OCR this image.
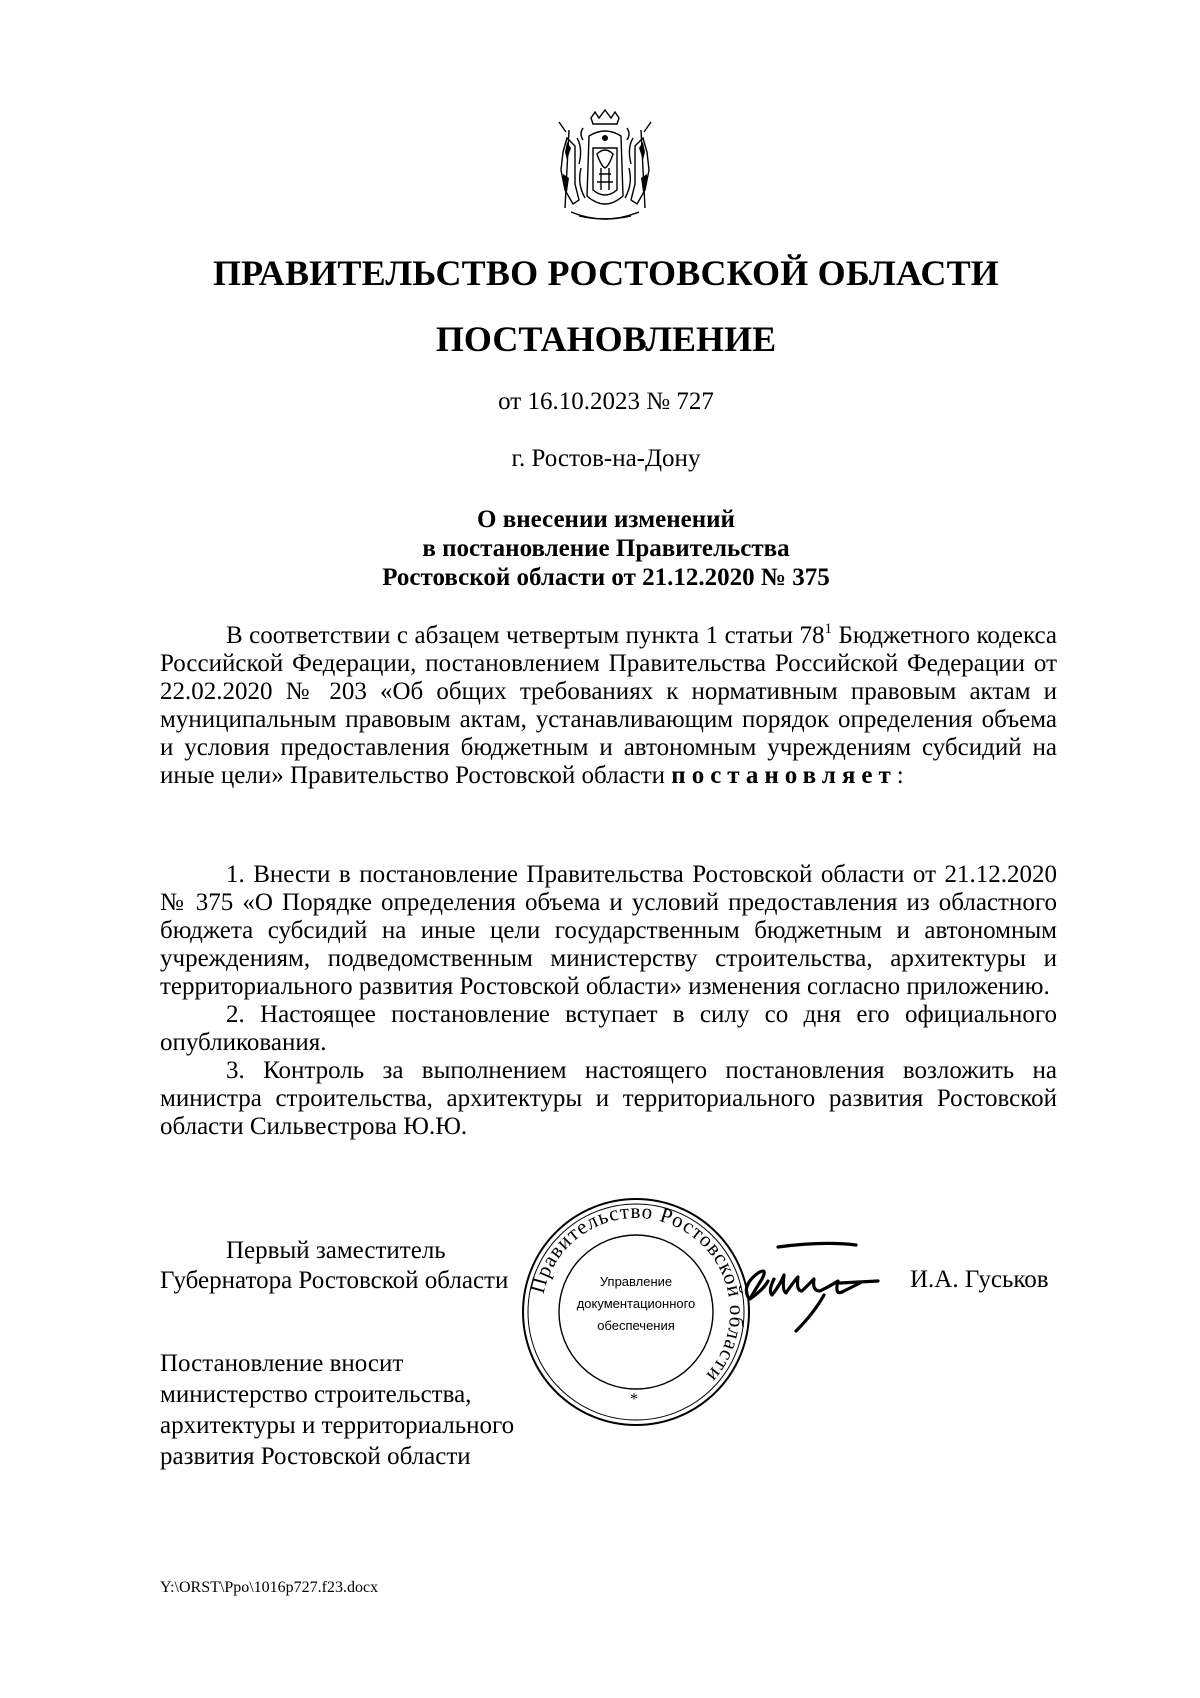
ПРАВИТЕЛЬСТВО РОСТОВСКОЙ ОБЛАСТИ
ПОСТАНОВЛЕНИЕ
от 16.10.2023 № 727
г. Ростов-на-Дону
О внесении изменений
в постановление Правительства
Ростовской области от 21.12.2020 № 375

В соответствии с абзацем четвертым пункта 1 статьи $78^1$ Бюджетного кодекса Российской Федерации, постановлением Правительства Российской Федерации от 22.02.2020 № 203 «Об общих требованиях к нормативным правовым актам и муниципальным правовым актам, устанавливающим порядок определения объема и условия предоставления бюджетным и автономным учреждениям субсидий на иные цели» Правительство Ростовской области постановляет:

1. Внести в постановление Правительства Ростовской области от 21.12.2020 № 375 «О Порядке определения объема и условий предоставления из областного бюджета субсидий на иные цели государственным бюджетным и автономным учреждениям, подведомственным министерству строительства, архитектуры и территориального развития Ростовской области» изменения согласно приложению.

2. Настоящее постановление вступает в силу со дня его официального опубликования.

3. Контроль за выполнением настоящего постановления возложить на министра строительства, архитектуры и территориального развития Ростовской области Сильвестрова Ю.Ю.

Первый заместитель
Губернатора Ростовской области Правительство Ростовской области
Управление
документационного
обеспечения
*
И.А. Гуськов
Постановление вносит
министерство строительства,
архитектуры и территориального
развития Ростовской области
Y:\ORST\Ppo\1016p727.f23.docx
